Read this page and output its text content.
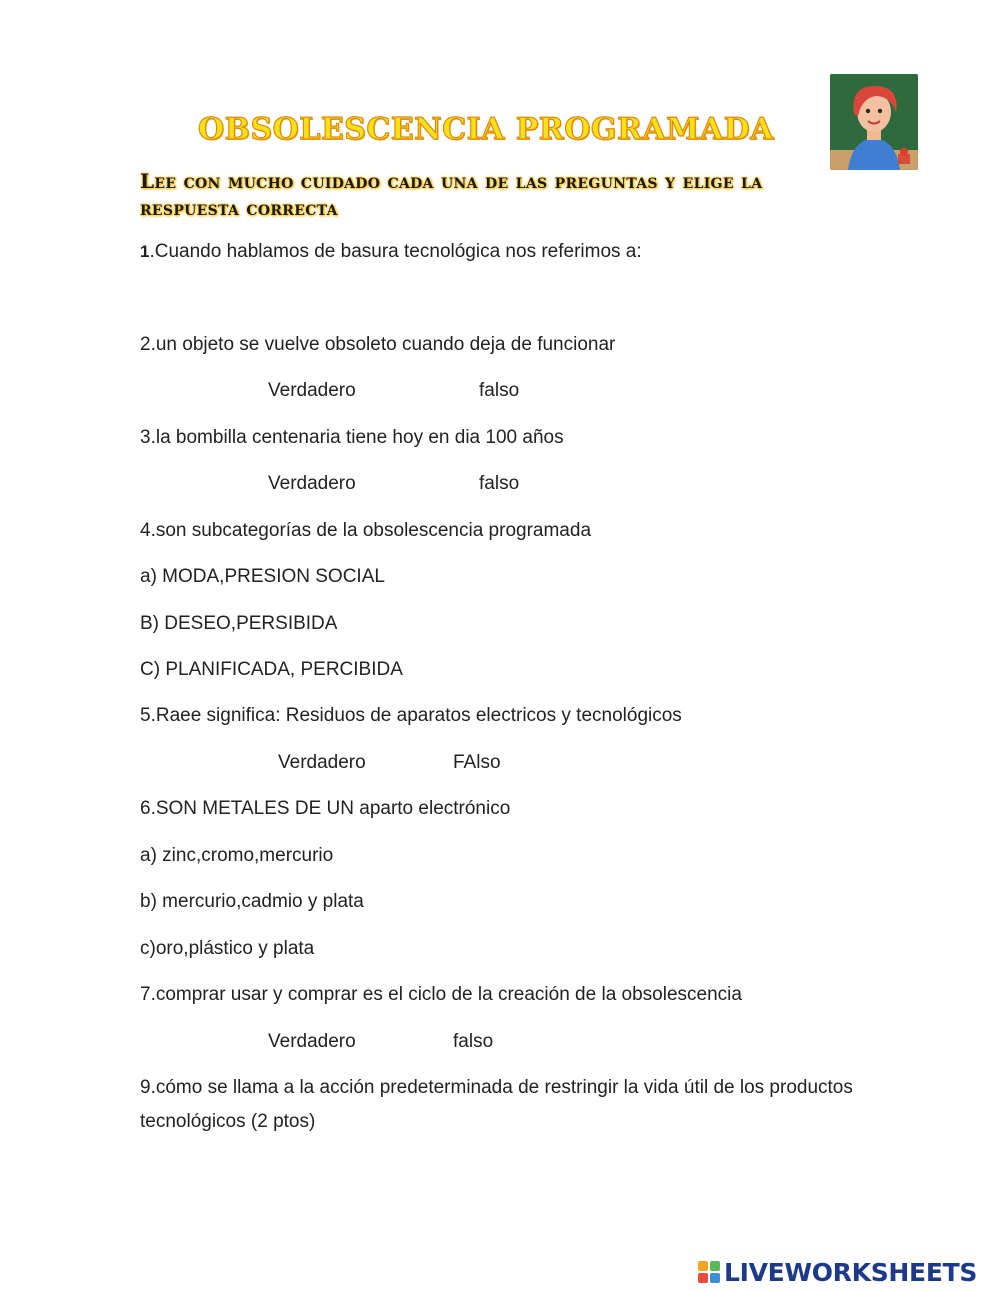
OBSOLESCENCIA PROGRAMADA
Lee con mucho cuidado cada una de las preguntas y elige la respuesta correcta
1.Cuando hablamos de basura tecnológica nos referimos a:
2.un objeto se vuelve obsoleto cuando deja de funcionar
Verdadero	falso
3.la bombilla centenaria tiene hoy en dia 100 años
Verdadero	falso
4.son subcategorías de la obsolescencia programada
a) MODA,PRESION SOCIAL
B) DESEO,PERSIBIDA
C) PLANIFICADA, PERCIBIDA
5.Raee significa: Residuos de aparatos electricos y tecnológicos
Verdadero	FAlso
6.SON METALES DE UN aparto electrónico
a) zinc,cromo,mercurio
b) mercurio,cadmio y plata
c)oro,plástico y plata
7.comprar usar y comprar es el ciclo de la creación de la obsolescencia
Verdadero	falso
9.cómo se llama a la acción predeterminada de restringir la vida útil de los productos tecnológicos (2 ptos)
LIVEWORKSHEETS
